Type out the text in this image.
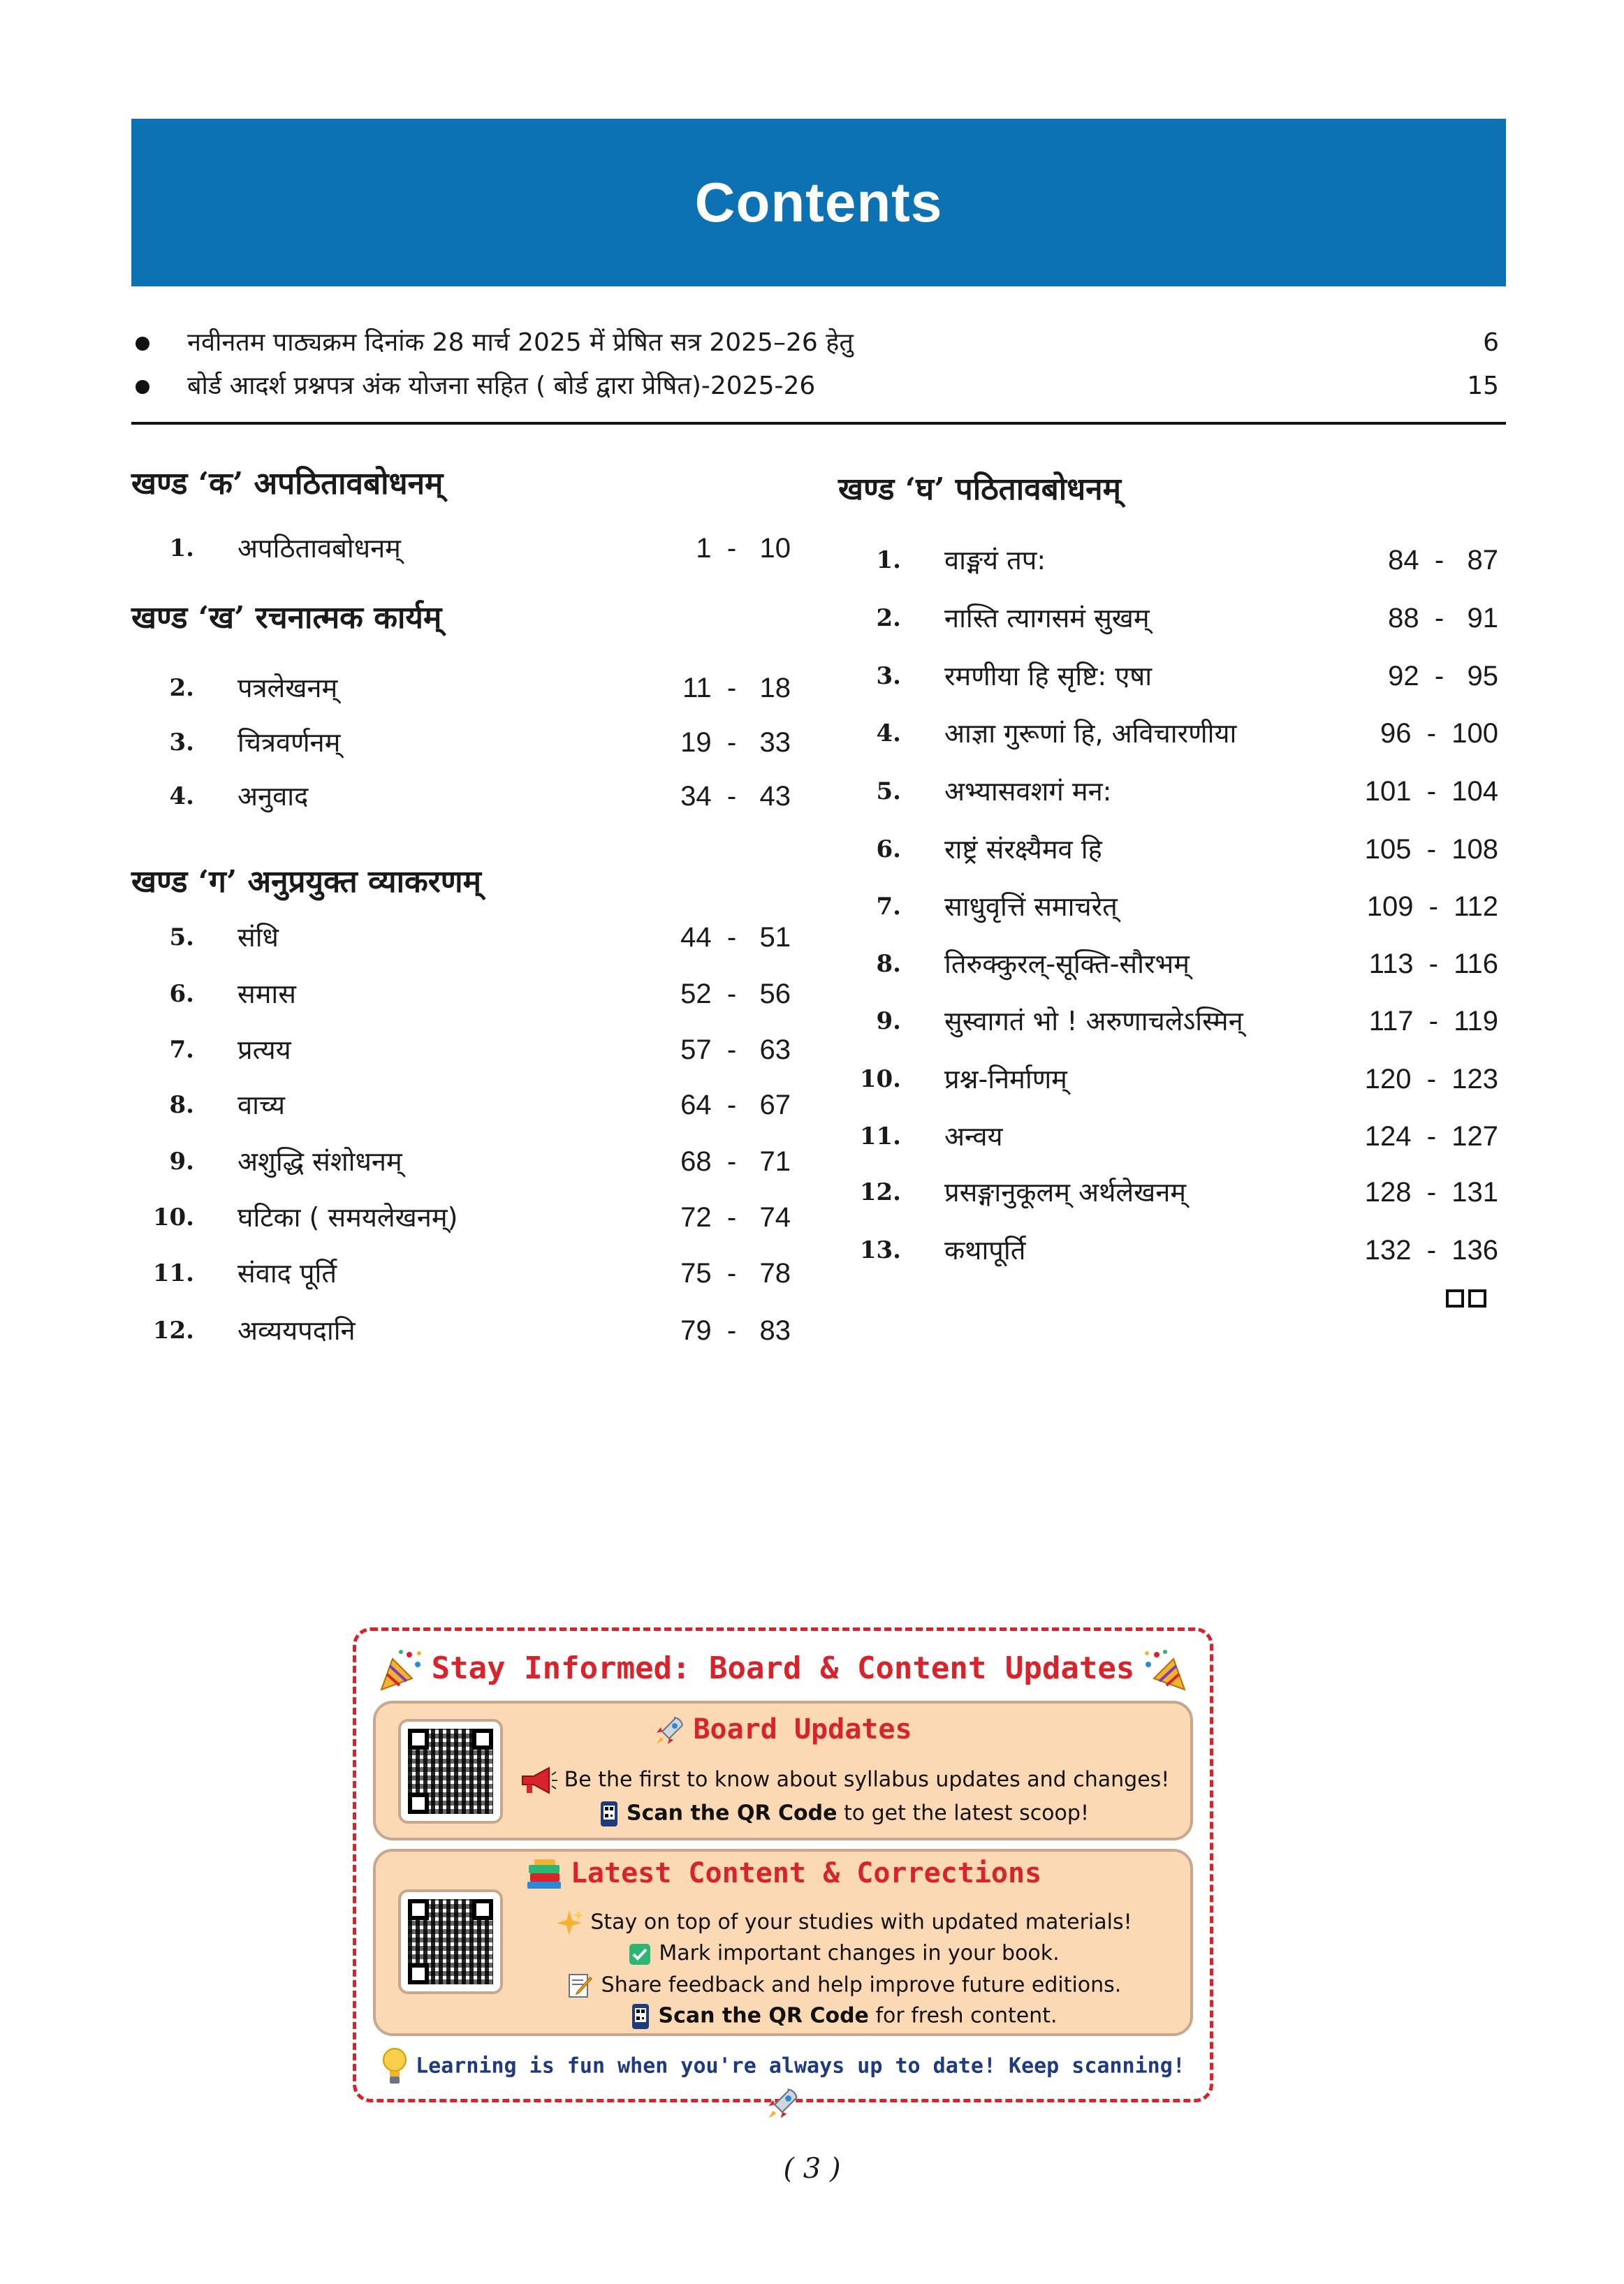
Contents
नवीनतम पाठ्यक्रम दिनांक 28 मार्च 2025 में प्रेषित सत्र 2025–26 हेतु	6
बोर्ड आदर्श प्रश्नपत्र अंक योजना सहित ( बोर्ड द्वारा प्रेषित)-2025-26	15
खण्ड ‘क’ अपठितावबोधनम्
1. अपठितावबोधनम्	1  -   10
खण्ड ‘ख’ रचनात्मक कार्यम्
2. पत्रलेखनम्	11  -   18
3. चित्रवर्णनम्	19  -   33
4. अनुवाद	34  -   43
खण्ड ‘ग’ अनुप्रयुक्त व्याकरणम्
5. संधि	44  -   51
6. समास	52  -   56
7. प्रत्यय	57  -   63
8. वाच्य	64  -   67
9. अशुद्धि संशोधनम्	68  -   71
10. घटिका ( समयलेखनम्)	72  -   74
11. संवाद पूर्ति	75  -   78
12. अव्ययपदानि	79  -   83
खण्ड ‘घ’ पठितावबोधनम्
1. वाङ्मयं तप:	84  -   87
2. नास्ति त्यागसमं सुखम्	88  -   91
3. रमणीया हि सृष्टि: एषा	92  -   95
4. आज्ञा गुरूणां हि, अविचारणीया	96  -  100
5. अभ्यासवशगं मन:	101  -  104
6. राष्ट्रं संरक्ष्यैमव हि	105  -  108
7. साधुवृत्तिं समाचरेत्	109  -  112
8. तिरुक्कुरल्-सूक्ति-सौरभम्	113  -  116
9. सुस्वागतं भो ! अरुणाचलेऽस्मिन्	117  -  119
10. प्रश्न-निर्माणम्	120  -  123
11. अन्वय	124  -  127
12. प्रसङ्गानुकूलम् अर्थलेखनम्	128  -  131
13. कथापूर्ति	132  -  136
Stay Informed: Board & Content Updates
Board Updates
Be the first to know about syllabus updates and changes!
Scan the QR Code to get the latest scoop!
Latest Content & Corrections
Stay on top of your studies with updated materials!
Mark important changes in your book.
Share feedback and help improve future editions.
Scan the QR Code for fresh content.
Learning is fun when you're always up to date! Keep scanning!
( 3 )
